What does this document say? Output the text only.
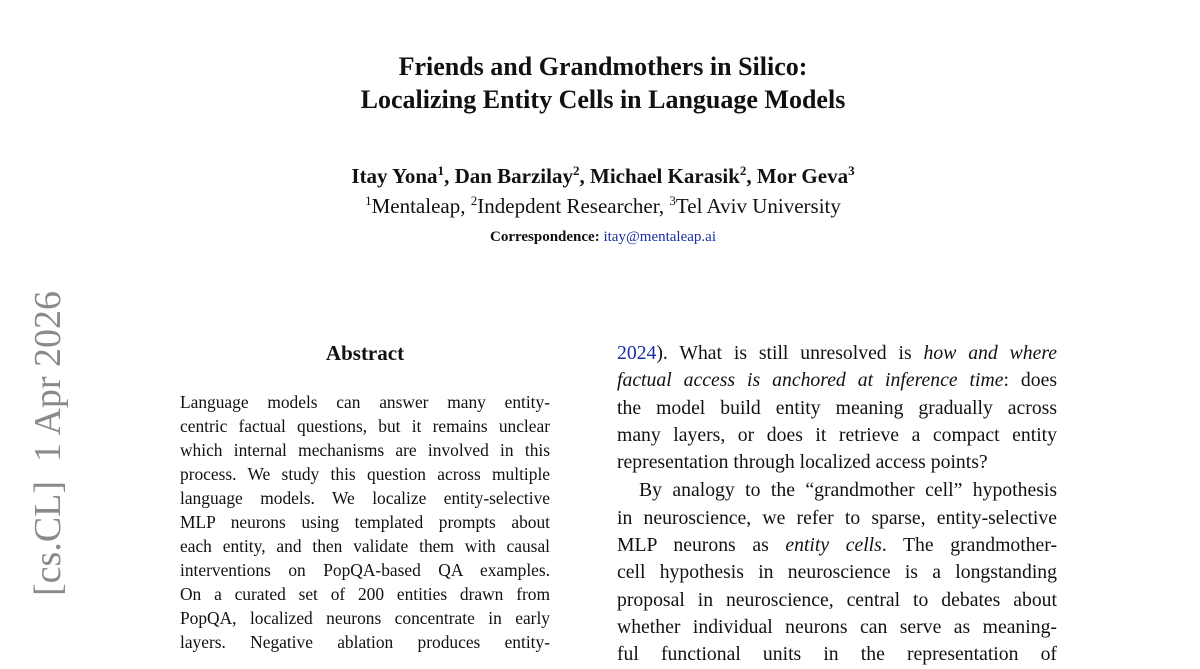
Friends and Grandmothers in Silico:
Localizing Entity Cells in Language Models
Itay Yona$^1$, Dan Barzilay$^2$, Michael Karasik$^2$, Mor Geva$^3$
$^1$Mentaleap, $^2$Indepdent Researcher, $^3$Tel Aviv University
Correspondence: itay@mentaleap.ai
Abstract
Language models can answer many entity-
centric factual questions, but it remains unclear
which internal mechanisms are involved in this
process. We study this question across multiple
language models. We localize entity-selective
MLP neurons using templated prompts about
each entity, and then validate them with causal
interventions on PopQA-based QA examples.
On a curated set of 200 entities drawn from
PopQA, localized neurons concentrate in early
layers. Negative ablation produces entity-
2024). What is still unresolved is how and where
factual access is anchored at inference time: does
the model build entity meaning gradually across
many layers, or does it retrieve a compact entity
representation through localized access points?
By analogy to the “grandmother cell” hypothesis
in neuroscience, we refer to sparse, entity-selective
MLP neurons as entity cells. The grandmother-
cell hypothesis in neuroscience is a longstanding
proposal in neuroscience, central to debates about
whether individual neurons can serve as meaning-
ful functional units in the representation of
[cs.CL]  1 Apr 2026
